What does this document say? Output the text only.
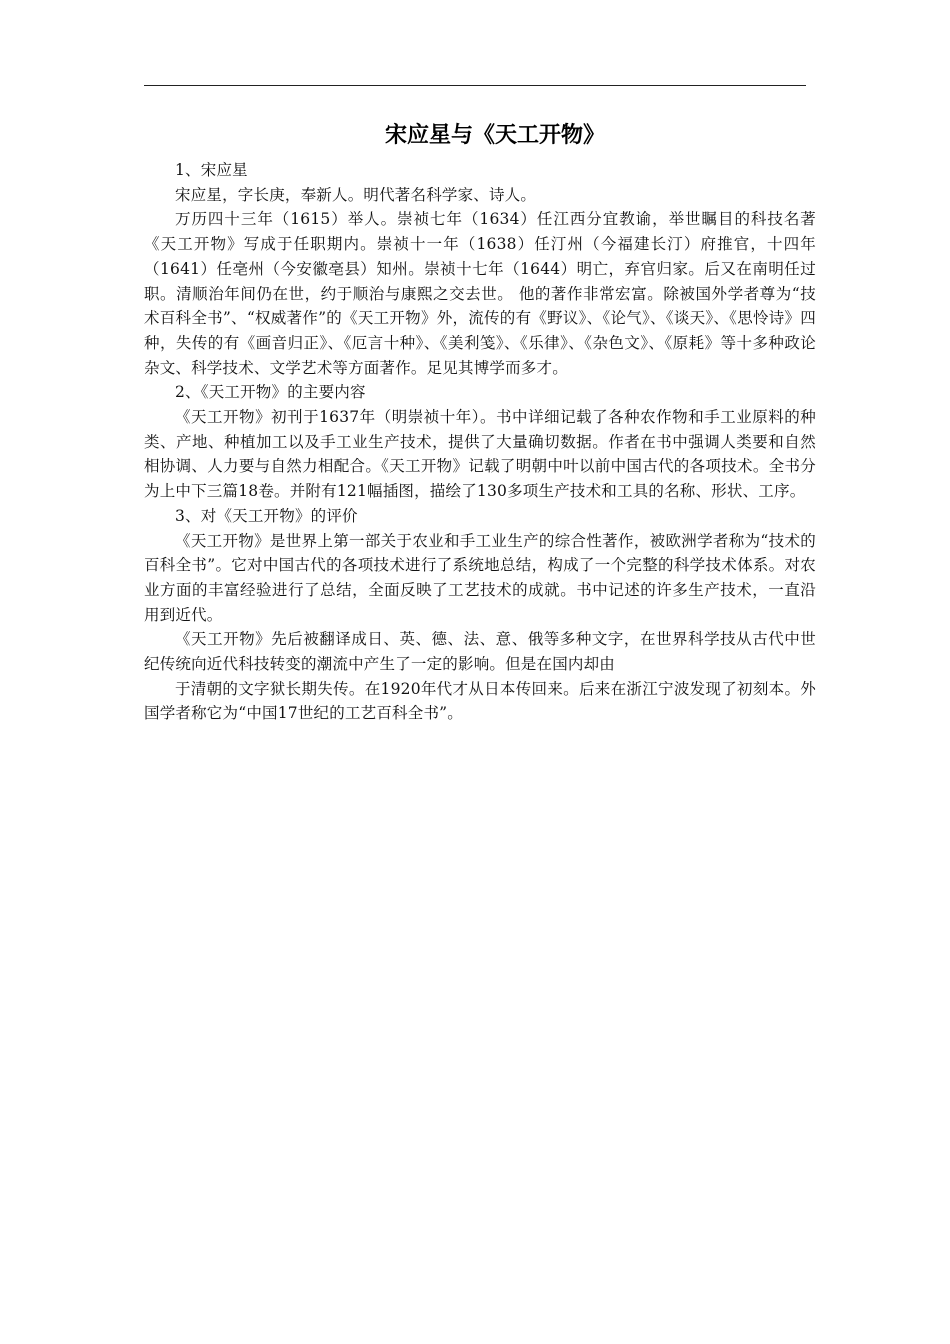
宋应星与《天工开物》

1、宋应星

宋应星，字长庚，奉新人。明代著名科学家、诗人。

万历四十三年（1615）举人。崇祯七年（1634）任江西分宜教谕，举世瞩目的科技名著《天工开物》写成于任职期内。崇祯十一年（1638）任汀州（今福建长汀）府推官，十四年（1641）任亳州（今安徽亳县）知州。崇祯十七年（1644）明亡，弃官归家。后又在南明任过职。清顺治年间仍在世，约于顺治与康熙之交去世。 他的著作非常宏富。除被国外学者尊为“技术百科全书”、“权威著作”的《天工开物》外，流传的有《野议》、《论气》、《谈天》、《思怜诗》四种，失传的有《画音归正》、《厄言十种》、《美利笺》、《乐律》、《杂色文》、《原耗》等十多种政论杂文、科学技术、文学艺术等方面著作。足见其博学而多才。

2、《天工开物》的主要内容

《天工开物》初刊于1637年（明崇祯十年）。书中详细记载了各种农作物和手工业原料的种类、产地、种植加工以及手工业生产技术，提供了大量确切数据。作者在书中强调人类要和自然相协调、人力要与自然力相配合。《天工开物》记载了明朝中叶以前中国古代的各项技术。全书分为上中下三篇18卷。并附有121幅插图，描绘了130多项生产技术和工具的名称、形状、工序。

3、对《天工开物》的评价

《天工开物》是世界上第一部关于农业和手工业生产的综合性著作，被欧洲学者称为“技术的百科全书”。它对中国古代的各项技术进行了系统地总结，构成了一个完整的科学技术体系。对农业方面的丰富经验进行了总结，全面反映了工艺技术的成就。书中记述的许多生产技术，一直沿用到近代。

《天工开物》先后被翻译成日、英、德、法、意、俄等多种文字，在世界科学技从古代中世纪传统向近代科技转变的潮流中产生了一定的影响。但是在国内却由

于清朝的文字狱长期失传。在1920年代才从日本传回来。后来在浙江宁波发现了初刻本。外国学者称它为“中国17世纪的工艺百科全书”。
